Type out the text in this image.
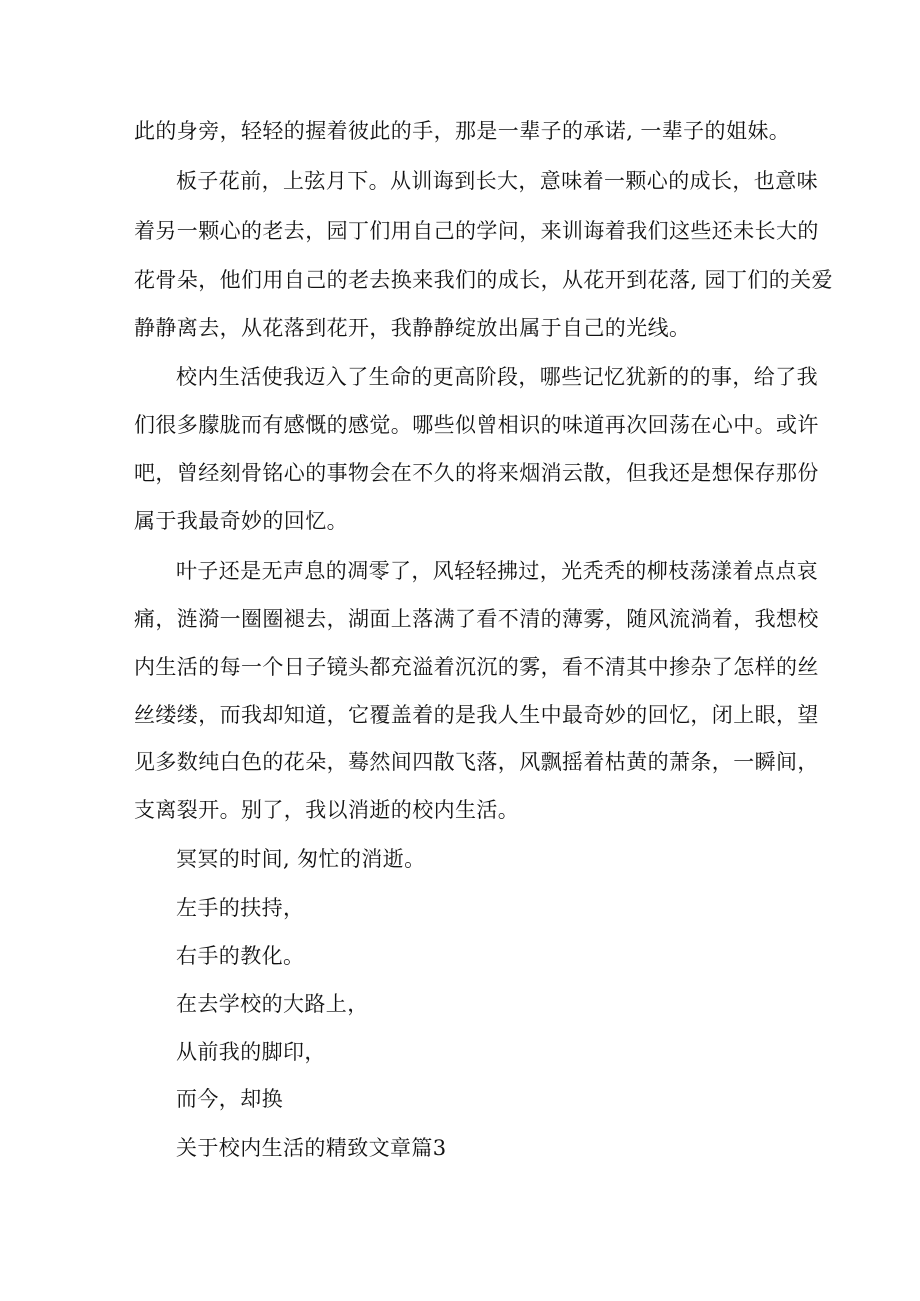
此的身旁，轻轻的握着彼此的手，那是一辈子的承诺, 一辈子的姐妹。
板子花前，上弦月下。从训诲到长大，意味着一颗心的成长，也意味
着另一颗心的老去，园丁们用自己的学问，来训诲着我们这些还未长大的
花骨朵，他们用自己的老去换来我们的成长，从花开到花落, 园丁们的关爱
静静离去，从花落到花开，我静静绽放出属于自己的光线。
校内生活使我迈入了生命的更高阶段，哪些记忆犹新的的事，给了我
们很多朦胧而有感慨的感觉。哪些似曾相识的味道再次回荡在心中。或许
吧，曾经刻骨铭心的事物会在不久的将来烟消云散，但我还是想保存那份
属于我最奇妙的回忆。
叶子还是无声息的凋零了，风轻轻拂过，光秃秃的柳枝荡漾着点点哀
痛，涟漪一圈圈褪去，湖面上落满了看不清的薄雾，随风流淌着，我想校
内生活的每一个日子镜头都充溢着沉沉的雾，看不清其中掺杂了怎样的丝
丝缕缕，而我却知道，它覆盖着的是我人生中最奇妙的回忆，闭上眼，望
见多数纯白色的花朵，蓦然间四散飞落，风飘摇着枯黄的萧条，一瞬间，
支离裂开。别了，我以消逝的校内生活。
冥冥的时间, 匆忙的消逝。
左手的扶持，
右手的教化。
在去学校的大路上，
从前我的脚印，
而今，却换
关于校内生活的精致文章篇3
